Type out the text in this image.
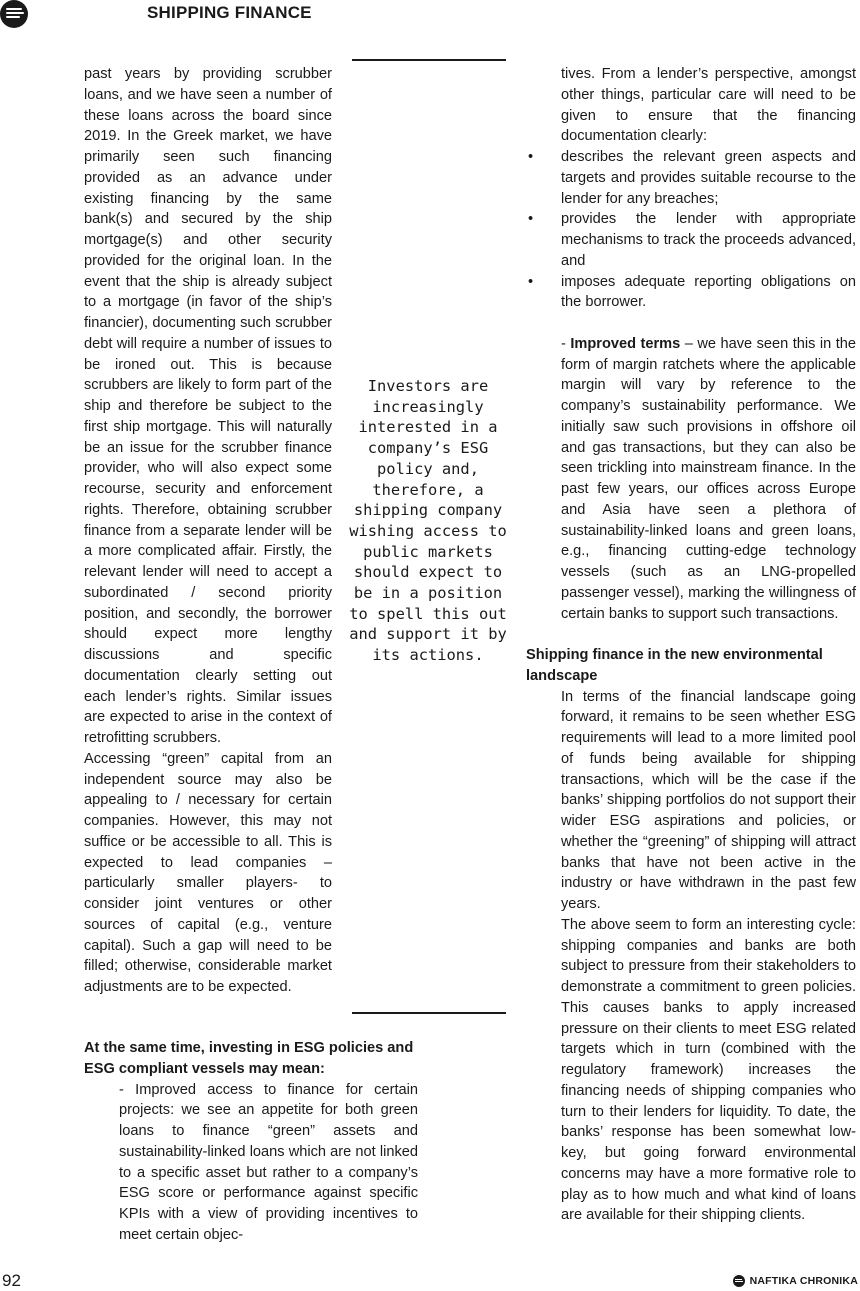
SHIPPING FINANCE

past years by providing scrubber loans, and we have seen a number of these loans across the board since 2019. In the Greek market, we have primarily seen such financing provided as an advance under existing financing by the same bank(s) and secured by the ship mortgage(s) and other security provided for the original loan. In the event that the ship is already subject to a mortgage (in favor of the ship’s financier), documenting such scrubber debt will require a number of issues to be ironed out. This is because scrubbers are likely to form part of the ship and therefore be subject to the first ship mortgage. This will naturally be an issue for the scrubber finance provider, who will also expect some recourse, security and enforcement rights. Therefore, obtaining scrubber finance from a separate lender will be a more complicated affair. Firstly, the relevant lender will need to accept a subordinated / second priority position, and secondly, the borrower should expect more lengthy discussions and specific documentation clearly setting out each lender’s rights. Similar issues are expected to arise in the context of retrofitting scrubbers.

Accessing “green” capital from an independent source may also be appealing to / necessary for certain companies. However, this may not suffice or be accessible to all. This is expected to lead companies – particularly smaller players- to consider joint ventures or other sources of capital (e.g., venture capital). Such a gap will need to be filled; otherwise, considerable market adjustments are to be expected.

Investors are increasingly interested in a company’s ESG policy and, therefore, a shipping company wishing access to public markets should expect to be in a position to spell this out and support it by its actions.

At the same time, investing in ESG policies and ESG compliant vessels may mean:

- Improved access to finance for certain projects: we see an appetite for both green loans to finance “green” assets and sustainability-linked loans which are not linked to a specific asset but rather to a company’s ESG score or performance against specific KPIs with a view of providing incentives to meet certain objec-

tives. From a lender’s perspective, amongst other things, particular care will need to be given to ensure that the financing documentation clearly:

• describes the relevant green aspects and targets and provides suitable recourse to the lender for any breaches;
• provides the lender with appropriate mechanisms to track the proceeds advanced, and
• imposes adequate reporting obligations on the borrower.

- Improved terms – we have seen this in the form of margin ratchets where the applicable margin will vary by reference to the company’s sustainability performance. We initially saw such provisions in offshore oil and gas transactions, but they can also be seen trickling into mainstream finance. In the past few years, our offices across Europe and Asia have seen a plethora of sustainability-linked loans and green loans, e.g., financing cutting-edge technology vessels (such as an LNG-propelled passenger vessel), marking the willingness of certain banks to support such transactions.

Shipping finance in the new environmental landscape

In terms of the financial landscape going forward, it remains to be seen whether ESG requirements will lead to a more limited pool of funds being available for shipping transactions, which will be the case if the banks’ shipping portfolios do not support their wider ESG aspirations and policies, or whether the “greening” of shipping will attract banks that have not been active in the industry or have withdrawn in the past few years.

The above seem to form an interesting cycle: shipping companies and banks are both subject to pressure from their stakeholders to demonstrate a commitment to green policies. This causes banks to apply increased pressure on their clients to meet ESG related targets which in turn (combined with the regulatory framework) increases the financing needs of shipping companies who turn to their lenders for liquidity. To date, the banks’ response has been somewhat low-key, but going forward environmental concerns may have a more formative role to play as to how much and what kind of loans are available for their shipping clients.

92	NAFTIKA CHRONIKA
